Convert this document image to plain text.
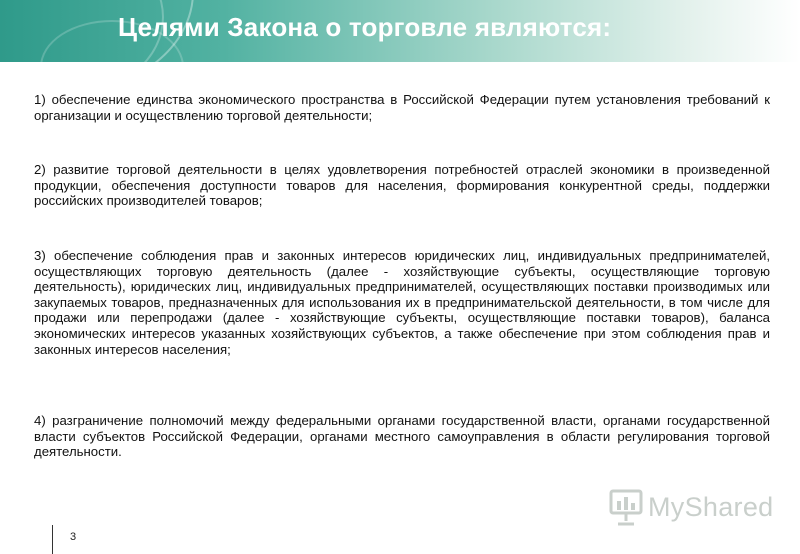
Целями Закона о торговле являются:

1) обеспечение единства экономического пространства в Российской Федерации путем установления требований к организации и осуществлению торговой деятельности;

2) развитие торговой деятельности в целях удовлетворения потребностей отраслей экономики в произведенной продукции, обеспечения доступности товаров для населения, формирования конкурентной среды, поддержки российских производителей товаров;

3) обеспечение соблюдения прав и законных интересов юридических лиц, индивидуальных предпринимателей, осуществляющих торговую деятельность (далее - хозяйствующие субъекты, осуществляющие торговую деятельность), юридических лиц, индивидуальных предпринимателей, осуществляющих поставки производимых или закупаемых товаров, предназначенных для использования их в предпринимательской деятельности, в том числе для продажи или перепродажи (далее - хозяйствующие субъекты, осуществляющие поставки товаров), баланса экономических интересов указанных хозяйствующих субъектов, а также обеспечение при этом соблюдения прав и законных интересов населения;

4) разграничение полномочий между федеральными органами государственной власти, органами государственной власти субъектов Российской Федерации, органами местного самоуправления в области регулирования торговой деятельности.

3
MyShared
